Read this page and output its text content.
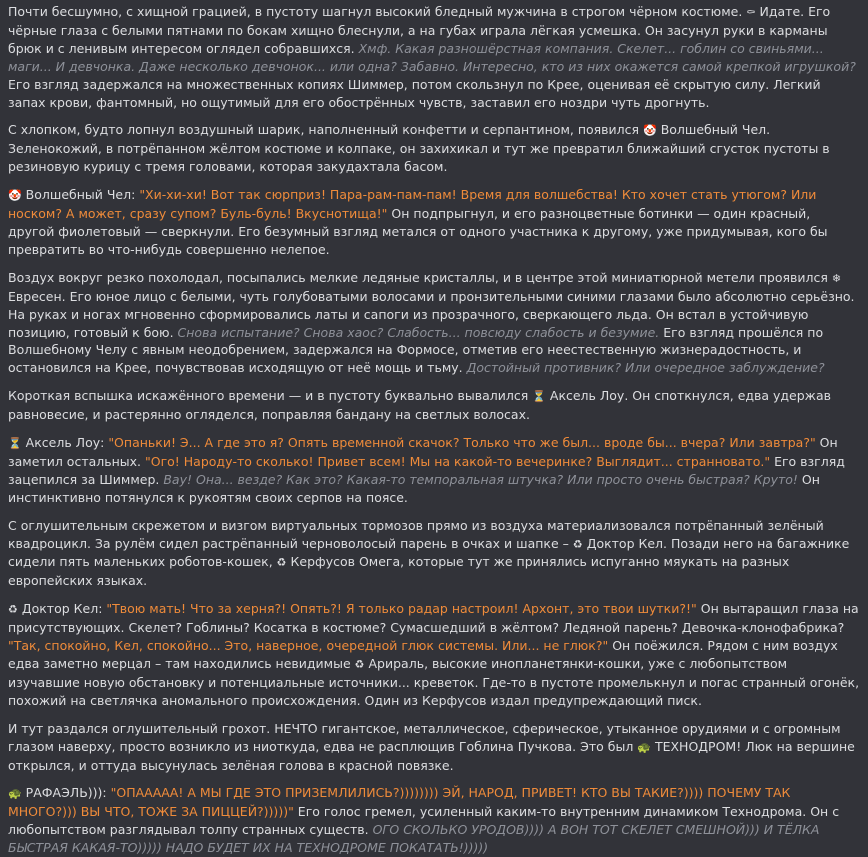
Почти бесшумно, с хищной грацией, в пустоту шагнул высокий бледный мужчина в строгом чёрном костюме. ⚰ Идате. Его чёрные глаза с белыми пятнами по бокам хищно блеснули, а на губах играла лёгкая усмешка. Он засунул руки в карманы брюк и с ленивым интересом оглядел собравшихся. Хмф. Какая разношёрстная компания. Скелет... гоблин со свиньями... маги... И девчонка. Даже несколько девчонок... или одна? Забавно. Интересно, кто из них окажется самой крепкой игрушкой? Его взгляд задержался на множественных копиях Шиммер, потом скользнул по Крее, оценивая её скрытую силу. Легкий запах крови, фантомный, но ощутимый для его обострённых чувств, заставил его ноздри чуть дрогнуть.

С хлопком, будто лопнул воздушный шарик, наполненный конфетти и серпантином, появился 🤡 Волшебный Чел. Зеленокожий, в потрёпанном жёлтом костюме и колпаке, он захихикал и тут же превратил ближайший сгусток пустоты в резиновую курицу с тремя головами, которая закудахтала басом.

🤡 Волшебный Чел: "Хи-хи-хи! Вот так сюрприз! Пара-рам-пам-пам! Время для волшебства! Кто хочет стать утюгом? Или носком? А может, сразу супом? Буль-буль! Вкуснотища!" Он подпрыгнул, и его разноцветные ботинки — один красный, другой фиолетовый — сверкнули. Его безумный взгляд метался от одного участника к другому, уже придумывая, кого бы превратить во что-нибудь совершенно нелепое.

Воздух вокруг резко похолодал, посыпались мелкие ледяные кристаллы, и в центре этой миниатюрной метели проявился ❄ Евресен. Его юное лицо с белыми, чуть голубоватыми волосами и пронзительными синими глазами было абсолютно серьёзно. На руках и ногах мгновенно сформировались латы и сапоги из прозрачного, сверкающего льда. Он встал в устойчивую позицию, готовый к бою. Снова испытание? Снова хаос? Слабость... повсюду слабость и безумие. Его взгляд прошёлся по Волшебному Челу с явным неодобрением, задержался на Формосе, отметив его неестественную жизнерадостность, и остановился на Крее, почувствовав исходящую от неё мощь и тьму. Достойный противник? Или очередное заблуждение?

Короткая вспышка искажённого времени — и в пустоту буквально вывалился ⏳ Аксель Лоу. Он споткнулся, едва удержав равновесие, и растерянно огляделся, поправляя бандану на светлых волосах.

⏳ Аксель Лоу: "Опаньки! Э... А где это я? Опять временной скачок? Только что же был... вроде бы... вчера? Или завтра?" Он заметил остальных. "Ого! Народу-то сколько! Привет всем! Мы на какой-то вечеринке? Выглядит... странновато." Его взгляд зацепился за Шиммер. Вау! Она... везде? Как это? Какая-то темпоральная штучка? Или просто очень быстрая? Круто! Он инстинктивно потянулся к рукоятям своих серпов на поясе.

С оглушительным скрежетом и визгом виртуальных тормозов прямо из воздуха материализовался потрёпанный зелёный квадроцикл. За рулём сидел растрёпанный черноволосый парень в очках и шапке – ♻ Доктор Кел. Позади него на багажнике сидели пять маленьких роботов-кошек, ♻ Керфусов Омега, которые тут же принялись испуганно мяукать на разных европейских языках.

♻ Доктор Кел: "Твою мать! Что за херня?! Опять?! Я только радар настроил! Архонт, это твои шутки?!" Он вытаращил глаза на присутствующих. Скелет? Гоблины? Косатка в костюме? Сумасшедший в жёлтом? Ледяной парень? Девочка-клонофабрика? "Так, спокойно, Кел, спокойно... Это, наверное, очередной глюк системы. Или... не глюк?" Он поёжился. Рядом с ним воздух едва заметно мерцал – там находились невидимые ♻ Арираль, высокие инопланетянки-кошки, уже с любопытством изучавшие новую обстановку и потенциальные источники... креветок. Где-то в пустоте промелькнул и погас странный огонёк, похожий на светлячка аномального происхождения. Один из Керфусов издал предупреждающий писк.

И тут раздался оглушительный грохот. НЕЧТО гигантское, металлическое, сферическое, утыканное орудиями и с огромным глазом наверху, просто возникло из ниоткуда, едва не расплющив Гоблина Пучкова. Это был 🐢 ТЕХНОДРОМ! Люк на вершине открылся, и оттуда высунулась зелёная голова в красной повязке.

🐢 РАФАЭЛЬ))): "ОПААААА! А МЫ ГДЕ ЭТО ПРИЗЕМЛИЛИСЬ?)))))))) ЭЙ, НАРОД, ПРИВЕТ! КТО ВЫ ТАКИЕ?)))) ПОЧЕМУ ТАК МНОГО?))) ВЫ ЧТО, ТОЖЕ ЗА ПИЦЦЕЙ?)))))" Его голос гремел, усиленный каким-то внутренним динамиком Технодрома. Он с любопытством разглядывал толпу странных существ. ОГО СКОЛЬКО УРОДОВ)))) А ВОН ТОТ СКЕЛЕТ СМЕШНОЙ))) И ТЁЛКА БЫСТРАЯ КАКАЯ-ТО))))) НАДО БУДЕТ ИХ НА ТЕХНОДРОМЕ ПОКАТАТЬ!)))))
